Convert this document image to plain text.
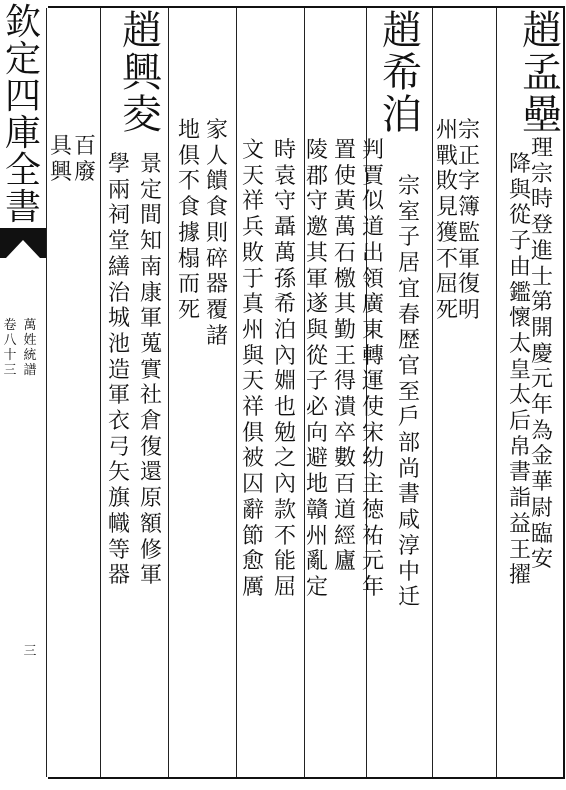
欽
定
四
庫
全
書
卷
八
十
三
萬
姓
統
譜
三
趙
孟
壘
理
宗
時
登
進
士
第
開
慶
元
年
為
金
華
尉
臨
安
降
與
從
子
由
鑑
懷
太
皇
太
后
帛
書
詣
益
王
擢
宗
正
字
簿
監
軍
復
明
州
戰
敗
見
獲
不
屈
死
趙
希
洎
宗
室
子
居
宜
春
歴
官
至
戶
部
尚
書
咸
淳
中
迁
判
賈
似
道
出
領
廣
東
轉
運
使
宋
幼
主
徳
祐
元
年
置
使
黃
萬
石
檄
其
勤
王
得
潰
卒
數
百
道
經
廬
陵
郡
守
邀
其
軍
遂
與
從
子
必
向
避
地
贛
州
亂
定
時
袁
守
聶
萬
孫
希
泊
內
婣
也
勉
之
內
款
不
能
屈
文
天
祥
兵
敗
于
真
州
與
天
祥
俱
被
囚
辭
節
愈
厲
家
人
饋
食
則
碎
器
覆
諸
地
俱
不
食
據
榻
而
死
趙
興
夌
景
定
間
知
南
康
軍
蒐
實
社
倉
復
還
原
額
修
軍
學
兩
祠
堂
繕
治
城
池
造
軍
衣
弓
矢
旗
幟
等
器
百
廢
具
興
